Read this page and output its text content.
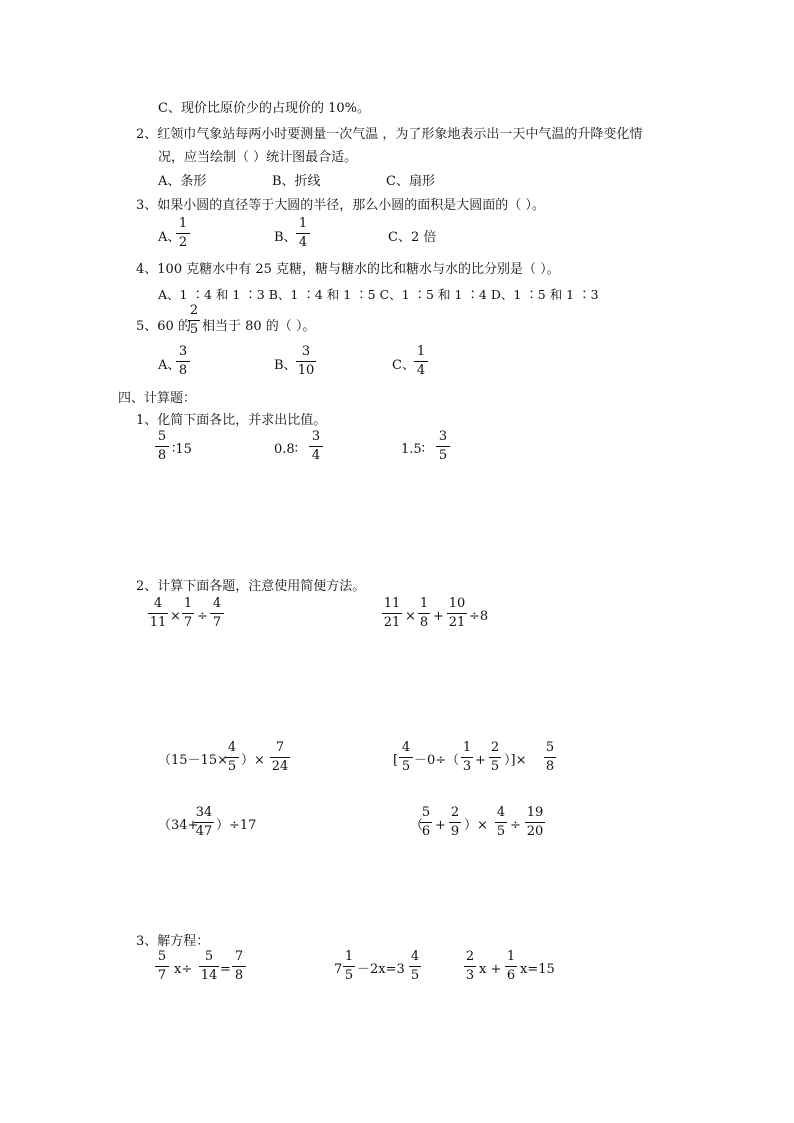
C、现价比原价少的占现价的 10%。
2、红领巾气象站每两小时要测量一次气温 ，为了形象地表示出一天中气温的升降变化情
况，应当绘制（ ）统计图最合适。
A、条形	B、折线	C、扇形
3、如果小圆的直径等于大圆的半径，那么小圆的面积是大圆面的（ ）。
A、
1
2	B、
1
4	C、2 倍
4、100 克糖水中有 25 克糖，糖与糖水的比和糖水与水的比分别是（ ）。
A、1 ∶4 和 1 ∶3 B、1 ∶4 和 1 ∶5 C、1 ∶5 和 1 ∶4 D、1 ∶5 和 1 ∶3
5、60 的
2
5 相当于 80 的（ ）。
A、
3
8	B、
3
10	C、
1
4
四、计算题：
1、化简下面各比，并求出比值。
5
8 ∶15	0.8∶
3
4	1.5∶
3
5
2、计算下面各题，注意使用简便方法。
4
11 ×
1
7 ÷
4
7
11
21 ×
1
8 +
10
21 ÷8
（15－15×
4
5 ）×
7
24	[
4
5 －0÷（
1
3 +
2
5 ）]×
5
8
（34+
34
47 ）÷17	（
5
6 +
2
9 ）×
4
5 ÷
19
20
3、解方程：
5
7 x÷
5
14 =
7
8	7
1
5 －2x=3
4
5
2
3 x +
1
6 x=15
